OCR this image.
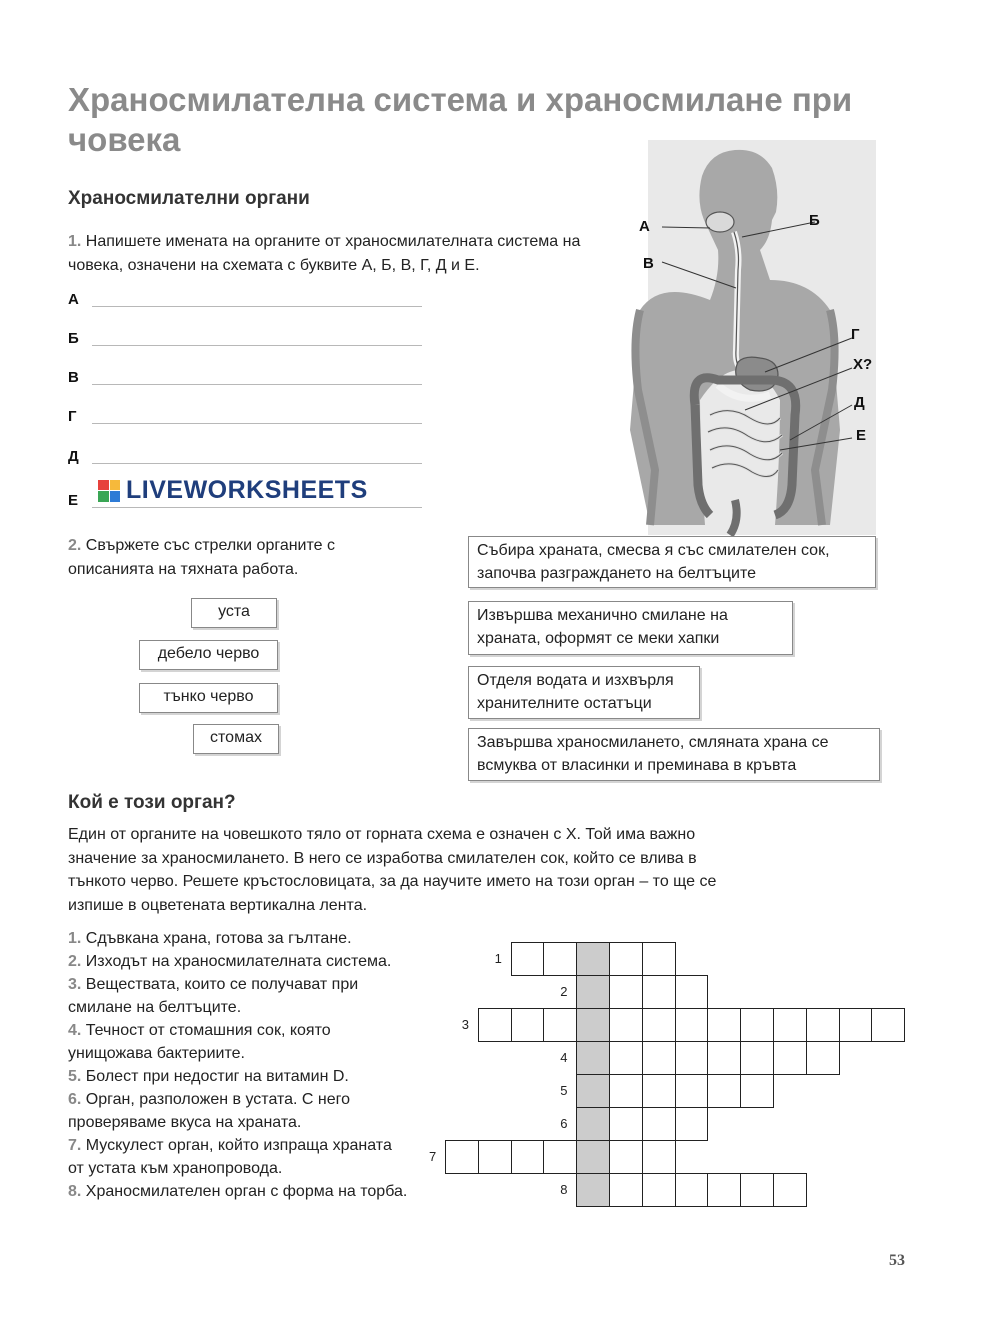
Храносмилателна система и храносмилане при човека
Храносмилателни органи
1. Напишете имената на органите от храносмилателната система на човека, означени на схемата с буквите А, Б, В, Г, Д и Е.
А
Б
В
Г
Д
Е LIVEWORKSHEETS
А	Б
В
Г
Х?
Д
Е
2. Свържете със стрелки органите с описанията на тяхната работа.
уста
дебело черво
тънко черво
стомах
Събира храната, смесва я със смилателен сок, започва разграждането на белтъците
Извършва механично смилане на храната, оформят се меки хапки
Отделя водата и изхвърля хранителните остатъци
Завършва храносмилането, смляната храна се всмуква от власинки и преминава в кръвта
Кой е този орган?
Един от органите на човешкото тяло от горната схема е означен с Х. Той има важно значение за храносмилането. В него се изработва смилателен сок, който се влива в тънкото черво. Решете кръстословицата, за да научите името на този орган – то ще се изпише в оцветената вертикална лента.
1. Сдъвкана храна, готова за гълтане.
2. Изходът на храносмилателната система.
3. Веществата, които се получават при смилане на белтъците.
4. Течност от стомашния сок, която унищожава бактериите.
5. Болест при недостиг на витамин D.
6. Орган, разположен в устата. С него проверяваме вкуса на храната.
7. Мускулест орган, който изпраща храната от устата към хранопровода.
8. Храносмилателен орган с форма на торба.
1
2
3
4
5
6
7
8
53
